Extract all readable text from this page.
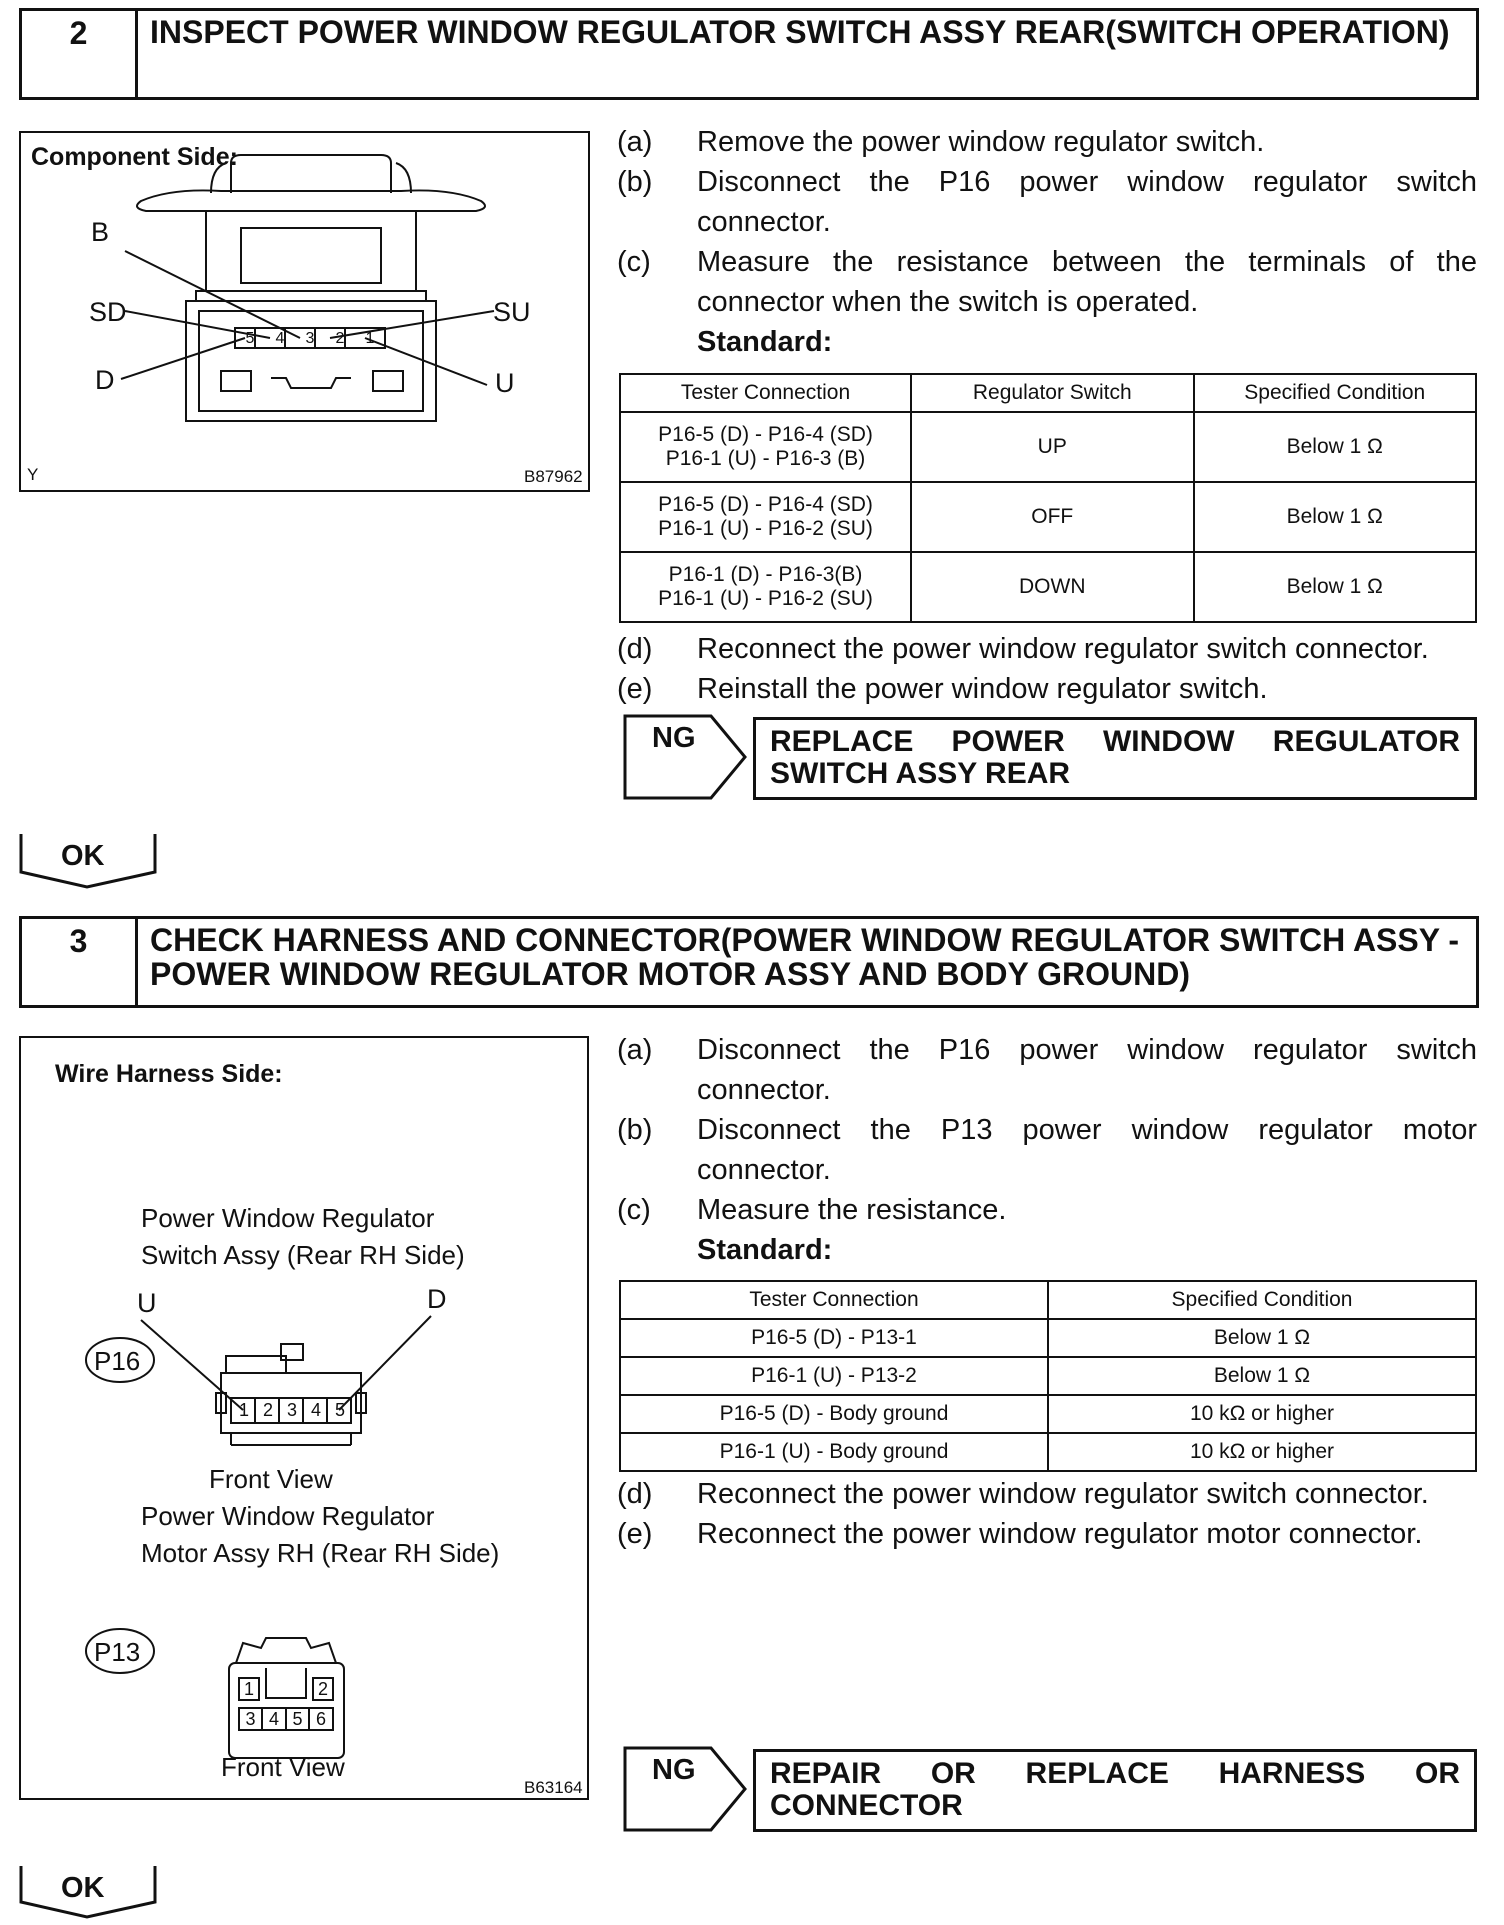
2	INSPECT POWER WINDOW REGULATOR SWITCH ASSY REAR(SWITCH OPERATION)
Component Side:
5	4	3	2	1
B
SD
D
SU
U
Y	B87962
(a)	Remove the power window regulator switch.
(b)	Disconnect the P16 power window regulator switch connector.
(c)	Measure the resistance between the terminals of the connector when the switch is operated.
Standard:
Tester Connection	Regulator Switch	Specified Condition

P16-5 (D) - P16-4 (SD)
P16-1 (U) - P16-3 (B)	UP	Below 1 Ω

P16-5 (D) - P16-4 (SD)
P16-1 (U) - P16-2 (SU)	OFF	Below 1 Ω

P16-1 (D) - P16-3(B)
P16-1 (U) - P16-2 (SU)	DOWN	Below 1 Ω
(d)	Reconnect the power window regulator switch connector.
(e)	Reinstall the power window regulator switch.
NG	REPLACE POWER WINDOW REGULATOR SWITCH ASSY REAR
OK
3	CHECK HARNESS AND CONNECTOR(POWER WINDOW REGULATOR SWITCH ASSY - POWER WINDOW REGULATOR MOTOR ASSY AND BODY GROUND)
Wire Harness Side:
Power Window Regulator
Switch Assy (Rear RH Side)
U	D
P16
1 2 3 4 5
Front View
Power Window Regulator
Motor Assy RH (Rear RH Side)
P13
1	2
3 4 5 6
Front View
B63164
(a)	Disconnect the P16 power window regulator switch connector.
(b)	Disconnect the P13 power window regulator motor connector.
(c)	Measure the resistance.
Standard:
Tester Connection	Specified Condition
P16-5 (D) - P13-1	Below 1 Ω
P16-1 (U) - P13-2	Below 1 Ω
P16-5 (D) - Body ground	10 kΩ or higher
P16-1 (U) - Body ground	10 kΩ or higher
(d)	Reconnect the power window regulator switch connector.
(e)	Reconnect the power window regulator motor connector.
NG	REPAIR OR REPLACE HARNESS OR CONNECTOR
OK
